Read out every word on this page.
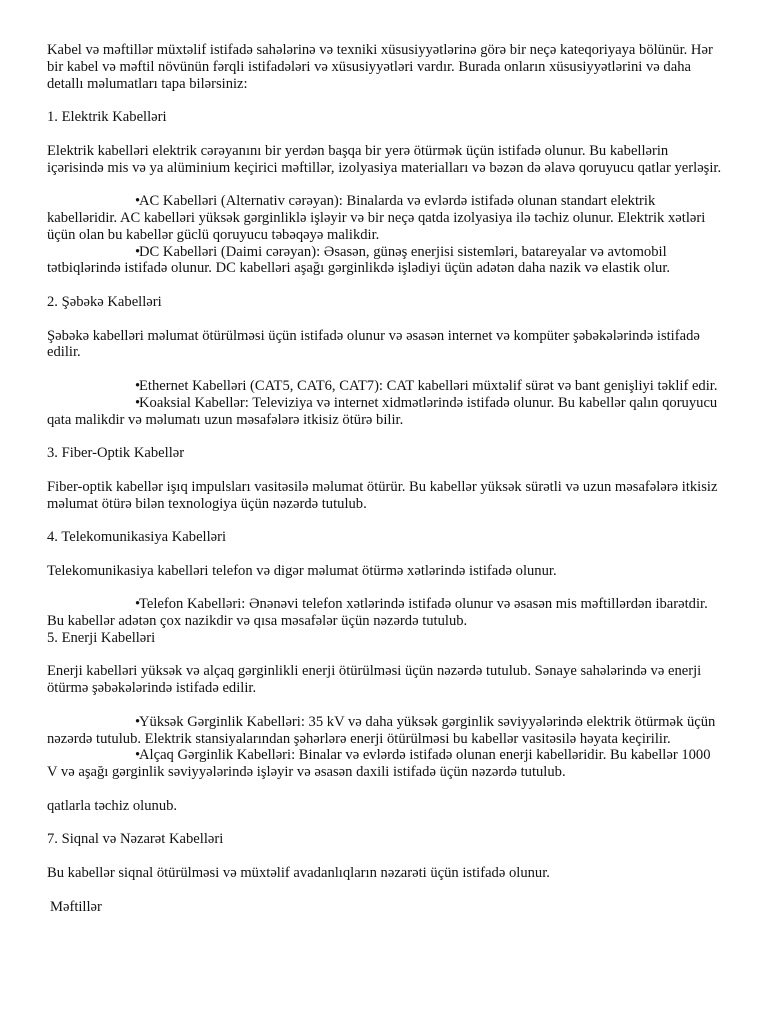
Kabel və məftillər müxtəlif istifadə sahələrinə və texniki xüsusiyyətlərinə görə bir neçə kateqoriyaya bölünür. Hər bir kabel və məftil növünün fərqli istifadələri və xüsusiyyətləri vardır. Burada onların xüsusiyyətlərini və daha detallı məlumatları tapa bilərsiniz:

1. Elektrik Kabelləri

Elektrik kabelləri elektrik cərəyanını bir yerdən başqa bir yerə ötürmək üçün istifadə olunur. Bu kabellərin içərisində mis və ya alüminium keçirici məftillər, izolyasiya materialları və bəzən də əlavə qoruyucu qatlar yerləşir.

•AC Kabelləri (Alternativ cərəyan): Binalarda və evlərdə istifadə olunan standart elektrik kabelləridir. AC kabelləri yüksək gərginliklə işləyir və bir neçə qatda izolyasiya ilə təchiz olunur. Elektrik xətləri üçün olan bu kabellər güclü qoruyucu təbəqəyə malikdir.
•DC Kabelləri (Daimi cərəyan): Əsasən, günəş enerjisi sistemləri, batareyalar və avtomobil tətbiqlərində istifadə olunur. DC kabelləri aşağı gərginlikdə işlədiyi üçün adətən daha nazik və elastik olur.

2. Şəbəkə Kabelləri

Şəbəkə kabelləri məlumat ötürülməsi üçün istifadə olunur və əsasən internet və kompüter şəbəkələrində istifadə edilir.

•Ethernet Kabelləri (CAT5, CAT6, CAT7): CAT kabelləri müxtəlif sürət və bant genişliyi təklif edir.
•Koaksial Kabellər: Televiziya və internet xidmətlərində istifadə olunur. Bu kabellər qalın qoruyucu qata malikdir və məlumatı uzun məsafələrə itkisiz ötürə bilir.

3. Fiber-Optik Kabellər

Fiber-optik kabellər işıq impulsları vasitəsilə məlumat ötürür. Bu kabellər yüksək sürətli və uzun məsafələrə itkisiz məlumat ötürə bilən texnologiya üçün nəzərdə tutulub.

4. Telekomunikasiya Kabelləri

Telekomunikasiya kabelləri telefon və digər məlumat ötürmə xətlərində istifadə olunur.

•Telefon Kabelləri: Ənənəvi telefon xətlərində istifadə olunur və əsasən mis məftillərdən ibarətdir. Bu kabellər adətən çox nazikdir və qısa məsafələr üçün nəzərdə tutulub.

5. Enerji Kabelləri

Enerji kabelləri yüksək və alçaq gərginlikli enerji ötürülməsi üçün nəzərdə tutulub. Sənaye sahələrində və enerji ötürmə şəbəkələrində istifadə edilir.

•Yüksək Gərginlik Kabelləri: 35 kV və daha yüksək gərginlik səviyyələrində elektrik ötürmək üçün nəzərdə tutulub. Elektrik stansiyalarından şəhərlərə enerji ötürülməsi bu kabellər vasitəsilə həyata keçirilir.
•Alçaq Gərginlik Kabelləri: Binalar və evlərdə istifadə olunan enerji kabelləridir. Bu kabellər 1000 V və aşağı gərginlik səviyyələrində işləyir və əsasən daxili istifadə üçün nəzərdə tutulub.

qatlarla təchiz olunub.

7. Siqnal və Nəzarət Kabelləri

Bu kabellər siqnal ötürülməsi və müxtəlif avadanlıqların nəzarəti üçün istifadə olunur.

Məftillər
